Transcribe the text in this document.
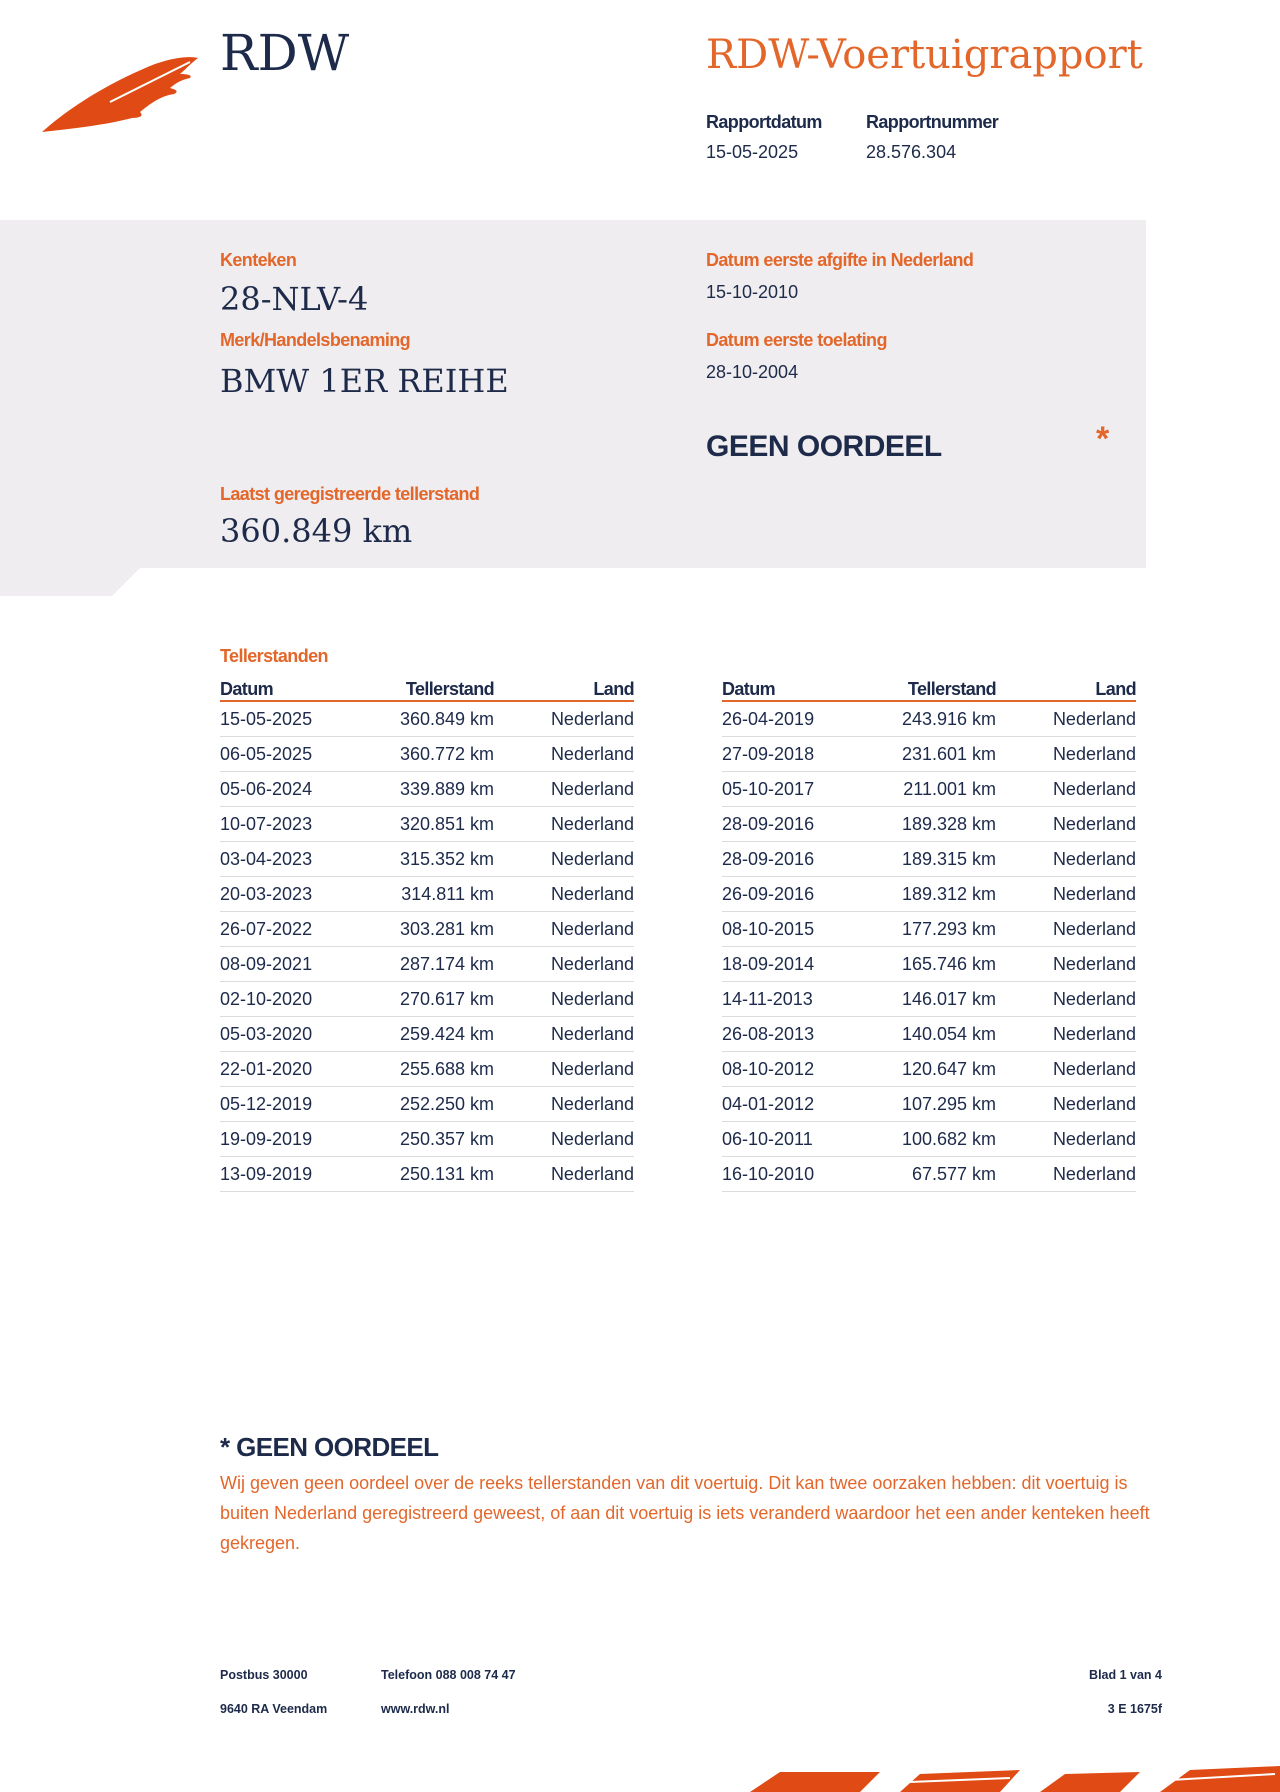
RDW	RDW-Voertuigrapport
Rapportdatum
15-05-2025
Rapportnummer
28.576.304
Kenteken
28-NLV-4
Merk/Handelsbenaming
BMW 1ER REIHE
Datum eerste afgifte in Nederland
15-10-2010
Datum eerste toelating
28-10-2004
GEEN OORDEEL	*
Laatst geregistreerde tellerstand
360.849 km
Tellerstanden
Datum	Tellerstand	Land
15-05-2025	360.849 km	Nederland
06-05-2025	360.772 km	Nederland
05-06-2024	339.889 km	Nederland
10-07-2023	320.851 km	Nederland
03-04-2023	315.352 km	Nederland
20-03-2023	314.811 km	Nederland
26-07-2022	303.281 km	Nederland
08-09-2021	287.174 km	Nederland
02-10-2020	270.617 km	Nederland
05-03-2020	259.424 km	Nederland
22-01-2020	255.688 km	Nederland
05-12-2019	252.250 km	Nederland
19-09-2019	250.357 km	Nederland
13-09-2019	250.131 km	Nederland
Datum	Tellerstand	Land
26-04-2019	243.916 km	Nederland
27-09-2018	231.601 km	Nederland
05-10-2017	211.001 km	Nederland
28-09-2016	189.328 km	Nederland
28-09-2016	189.315 km	Nederland
26-09-2016	189.312 km	Nederland
08-10-2015	177.293 km	Nederland
18-09-2014	165.746 km	Nederland
14-11-2013	146.017 km	Nederland
26-08-2013	140.054 km	Nederland
08-10-2012	120.647 km	Nederland
04-01-2012	107.295 km	Nederland
06-10-2011	100.682 km	Nederland
16-10-2010	67.577 km	Nederland
* GEEN OORDEEL
Wij geven geen oordeel over de reeks tellerstanden van dit voertuig. Dit kan twee oorzaken hebben: dit voertuig is buiten Nederland geregistreerd geweest, of aan dit voertuig is iets veranderd waardoor het een ander kenteken heeft gekregen.
Postbus 30000
9640 RA Veendam
Telefoon 088 008 74 47
www.rdw.nl
Blad 1 van 4
3 E 1675f
